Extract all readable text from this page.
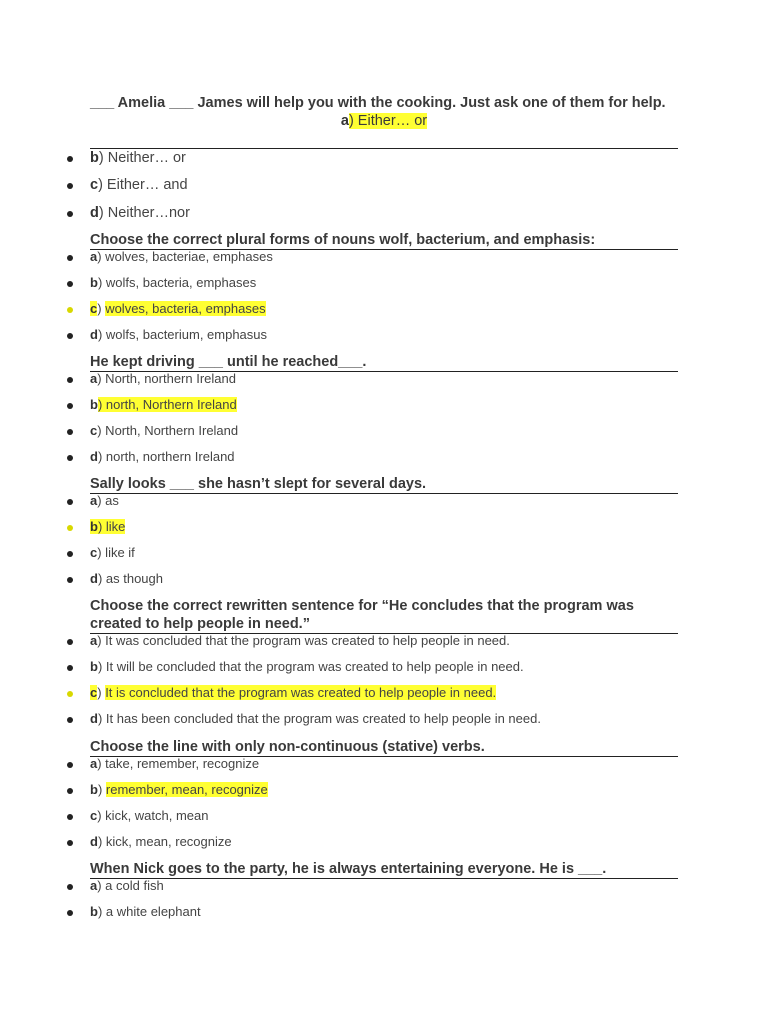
___ Amelia ___ James will help you with the cooking. Just ask one of them for help.
a) Either… or
b) Neither… or
c) Either… and
d) Neither…nor
Choose the correct plural forms of nouns wolf, bacterium, and emphasis:
a) wolves, bacteriae, emphases
b) wolfs, bacteria, emphases
c) wolves, bacteria, emphases
d) wolfs, bacterium, emphasus
He kept driving ___ until he reached___.
a) North, northern Ireland
b) north, Northern Ireland
c) North, Northern Ireland
d) north, northern Ireland
Sally looks ___ she hasn’t slept for several days.
a) as
b) like
c) like if
d) as though
Choose the correct rewritten sentence for “He concludes that the program was created to help people in need.”
a) It was concluded that the program was created to help people in need.
b) It will be concluded that the program was created to help people in need.
c) It is concluded that the program was created to help people in need.
d) It has been concluded that the program was created to help people in need.
Choose the line with only non-continuous (stative) verbs.
a) take, remember, recognize
b) remember, mean, recognize
c) kick, watch, mean
d) kick, mean, recognize
When Nick goes to the party, he is always entertaining everyone. He is ___.
a) a cold fish
b) a white elephant
